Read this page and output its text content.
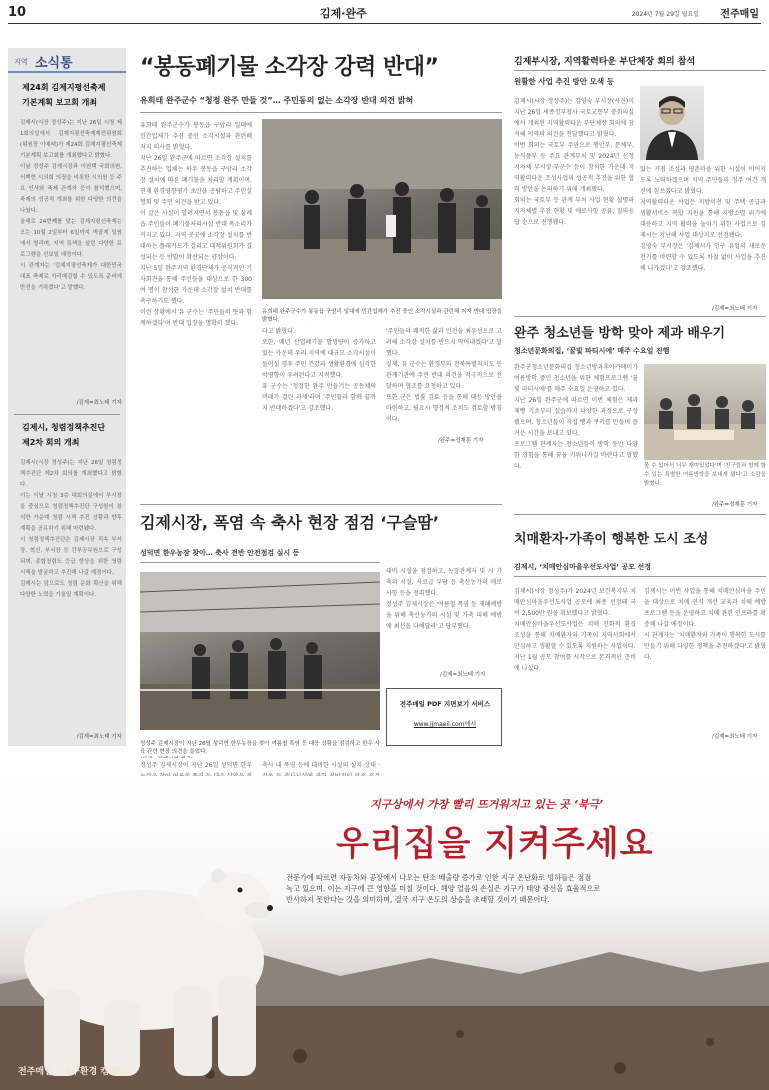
10	김제·완주	2024년 7월 29일 월요일 전주매일
지역 소식통
제24회 김제지평선축제
기본계획 보고회 개최
김제시(시장 정성주)는 지난 26일 시청 제1회의실에서 김제지평선축제제전위원회(위원장 이예래)가 제24회 김제지평선축제 기본계획 보고회를 개최했다고 밝혔다.
이날 정성주 김제시장과 이원택 국회의원, 서백현 시의회 의장을 비롯한 시의원 등 주요 인사와 축제 관계자 등이 참석했으며, 축제의 성공적 개최를 위한 다양한 의견을 나눴다.
올해로 24번째를 맞는 김제지평선축제는 오는 10월 2일부터 6일까지 벽골제 일원에서 열리며, 지역 특색을 살린 다양한 프로그램을 선보일 예정이다.
시 관계자는 '김제지평선축제가 대한민국 대표 축제로 자리매김할 수 있도록 준비에 만전을 기하겠다'고 말했다.
/김제=최노태 기자
김제시, 청렴정책추진단
제2차 회의 개최
김제시(시장 정성주)는 지난 26일 청렴정책추진단 제2차 회의를 개최했다고 밝혔다.
이는 이날 시청 3층 대회의실에서 부시장을 중심으로 청렴정책추진단 구성원이 참석한 가운데 청렴 시책 추진 상황과 향후 계획을 공유하기 위해 마련됐다.
시 청렴정책추진단은 김제시장 직속 부서장, 혁신, 부서장 등 간부공무원으로 구성되며, 종합청렴도 등급 향상을 위한 청렴 시책을 발굴하고 추진해 나갈 예정이다.
김제시는 앞으로도 청렴 문화 확산을 위해 다양한 노력을 기울일 계획이다.
/김제=최노태 기자
“봉동폐기물 소각장 강력 반대”
유희태 완주군수 “청정 완주 만들 것”… 주민동의 없는 소각장 반대 의견 밝혀
유희태 완주군수가 봉동읍 구암리 일대에 민간업체가 추진 중인 소각시설과 관련해 저지 의사를 밝혔다.
지난 26일 완주군에 따르면 소각장 설치를 추진하는 업체는 하루 봉동읍 구암리 소각장 설치에 따른 폐기물을 처리할 계획이며, 현재 환경영향평가 초안을 공람하고 주민설명회 및 주민 의견을 받고 있다.
이 같은 사실이 알려지면서 봉동읍 및 삼례읍 주민들이 폐기물처리시설 반대 목소리가 커지고 있다. 지역 곳곳에 소각장 설치를 반대하는 플래카드가 걸리고 대책위원회가 결성되는 등 반발이 확산되는 양상이다.
지난 5일 완주지역 환경단체가 공식적인 기자회견을 통해 주민들을 대상으로 한 300여 명이 참석한 가운데 소각장 설치 반대를 촉구하기도 했다.
이런 상황에서 유 군수는 '주민들의 뜻과 함께하겠다'며 반대 입장을 명확히 했다.

유희태 완주군수가 봉동읍 구암리 일대에 민간업체가 추진 중인 소각시설과 관련해 저지 반대 입장을 밝혔다.

다고 밝혔다.
또한, 매년 산업폐기물 발생량이 증가하고 있는 가운데 우리 지역에 대규모 소각시설이 들어설 경우 주민 건강과 생활환경에 심각한 악영향이 우려된다고 지적했다.
유 군수는 '청정한 완주 만들기는 공동체의 미래가 걸린 과제'라며 '주민들과 함께 끝까지 반대하겠다'고 강조했다.
'주민들의 쾌적한 삶과 안전을 최우선으로 고려해 소각장 설치를 반드시 막아내겠다'고 말했다.
실제, 유 군수는 환경부와 전북특별자치도 등 관계기관에 주민 반대 의견을 적극적으로 전달하며 협조를 요청하고 있다.
또한 군은 법률 검토 등을 통해 대응 방안을 마련하고, 필요시 행정적 조치도 검토할 방침이다.
/완주=정재훈 기자
김제시장, 폭염 속 축사 현장 점검 ‘구슬땀’
성덕면 한우농장 찾아… 축사 전반 안전점검 실시 등

정성주 김제시장이 지난 26일 성덕면 한우농장을 찾아 여름철 폭염 등 대응 상황을 점검하고 한우 사육 관련 현장 의견을 들었다.

정성주 김제시장이 지난 26일 성덕면 한우 축사 내 폭염 등에 대비한 시설의 설치 상태 ·

대비 시설을 점검하고, 농장관계자 및 시 가축의 시설, 사료급 부담 등 축산농가의 애로사항 등을 청취했다.
정성주 김제시장은 '여름철 폭염 등 재해예방을 위해 축산농가의 시설 및 가축 피해 예방에 최선을 다해달라'고 당부했다.
/김제=최노태 기자
김제부시장, 지역활력타운 부단체장 회의 참석
원활한 사업 추진 방안 모색 등
김제시(시장 정성주)는 김영숙 부시장(사진)이 지난 26일 세종정부청사 국토교통부 중회의실에서 개최된 지역활력타운 부단체장 회의에 참석해 지역의 의견을 전달했다고 밝혔다.
이번 회의는 국토부 주관으로 행안부, 문체부, 농식품부 등 주요 관계부처 및 2024년 선정 지자체 부시장·부군수 등이 참석한 가운데 지역활력타운 조성사업의 성공적 추진을 위한 협력 방안을 논의하기 위해 개최됐다.
회의는 국토부 등 관계 부처 사업 현황 설명과 지자체별 추진 현황 및 애로사항 공유, 질의응답 순으로 진행됐다.
있는 거점 조성과 평촌마을 위한 시설이 이어지도록 노력하겠으며 지역 주민들의 정주 여건 개선에 힘쓰겠다고 밝혔다.
지역활력타운 사업은 지방이전 및 주택 공급과 생활서비스 복합 지원을 통해 지방소멸 위기에 대응하고 지역 활력을 높이기 위한 사업으로 김제시는 지난해 사업 대상지로 선정됐다.
김영숙 부시장은 '김제시가 인구 유입의 새로운 전기를 마련할 수 있도록 차질 없이 사업을 추진해 나가겠다'고 강조했다.
/김제=최노태 기자
완주 청소년들 방학 맞아 제과 배우기
청소년문화의집, ‘꿀빛 파티시에’ 매주 수요일 진행
완주군청소년문화의집 청소년방과후아카데미가 여름방학 중인 청소년을 위한 체험프로그램 '꿀빛 파티시에'를 매주 수요일 운영하고 있다.
지난 26일 완주군에 따르면 이번 체험은 제과 제빵 기초부터 실습까지 다양한 과정으로 구성됐으며, 청소년들이 직접 빵과 쿠키를 만들며 즐거운 시간을 보내고 있다.
프로그램 관계자는 청소년들이 방학 동안 다양한 경험을 통해 꿈을 키워나가길 바란다고 말했다.	볼 수 있어서 너무 재미있었다'며 '친구들과 함께 할 수 있는 특별한 여름방학을 보내게 됐다'고 소감을 밝혔다.
/완주=정재훈 기자
치매환자·가족이 행복한 도시 조성
김제시, ‘치매안심마을우선도사업’ 공모 선정
김제시(시장 정성주)가 2024년 보건복지부 치매안심마을우선도사업 공모에 최종 선정돼 국비 2,500만 원을 확보했다고 밝혔다.
치매안심마을우선도사업은 치매 친화적 환경 조성을 통해 치매환자와 가족이 지역사회에서 안심하고 생활할 수 있도록 지원하는 사업이다.
지난 1월 공모 참여를 시작으로 본격적인 준비에 나섰다.
김제시는 이번 사업을 통해 치매안심마을 주민을 대상으로 치매 인식 개선 교육과 치매 예방 프로그램 등을 운영하고 치매 관련 인프라를 확충해 나갈 예정이다.
시 관계자는 '치매환자와 가족이 행복한 도시를 만들기 위해 다양한 정책을 추진하겠다'고 밝혔다.
/김제=최노태 기자
전주매일 PDF 지면보기 서비스
www.jjmaeil.com에서
지구상에서 가장 빨리 뜨거워지고 있는 곳 ‘북극’
우리집을 지켜주세요
전문가에 따르면 자동차와 공장에서 나오는 탄소 배출량 증가로 인한 지구 온난화로 빙하들은 점점
녹고 있으며, 이는 지구에 큰 영향을 미칠 것이다. 해양 얼음의 손실은 지구가 태양 광선을 효율적으로
반사하지 못한다는 것을 의미하며, 결국 지구 온도의 상승을 초래할 것이기 때문이다.
전주매일 · 지구환경 캠페인
